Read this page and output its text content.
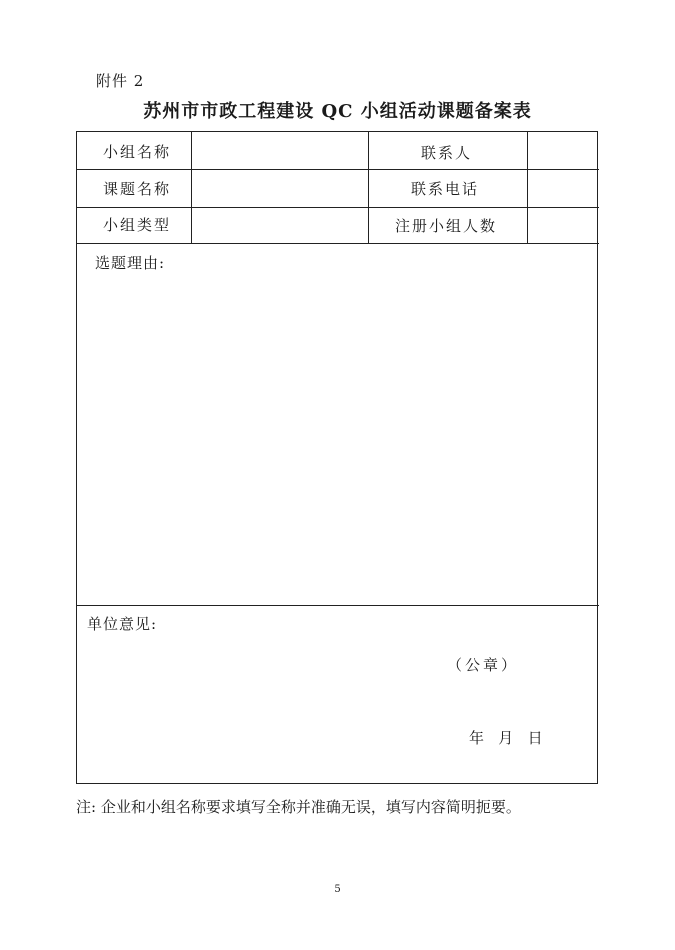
附件 2
苏州市市政工程建设 QC 小组活动课题备案表
小组名称	联系人
课题名称	联系电话
小组类型	注册小组人数
选题理由:
单位意见:
（公章）
年   月   日
注: 企业和小组名称要求填写全称并准确无误，填写内容简明扼要。
5
